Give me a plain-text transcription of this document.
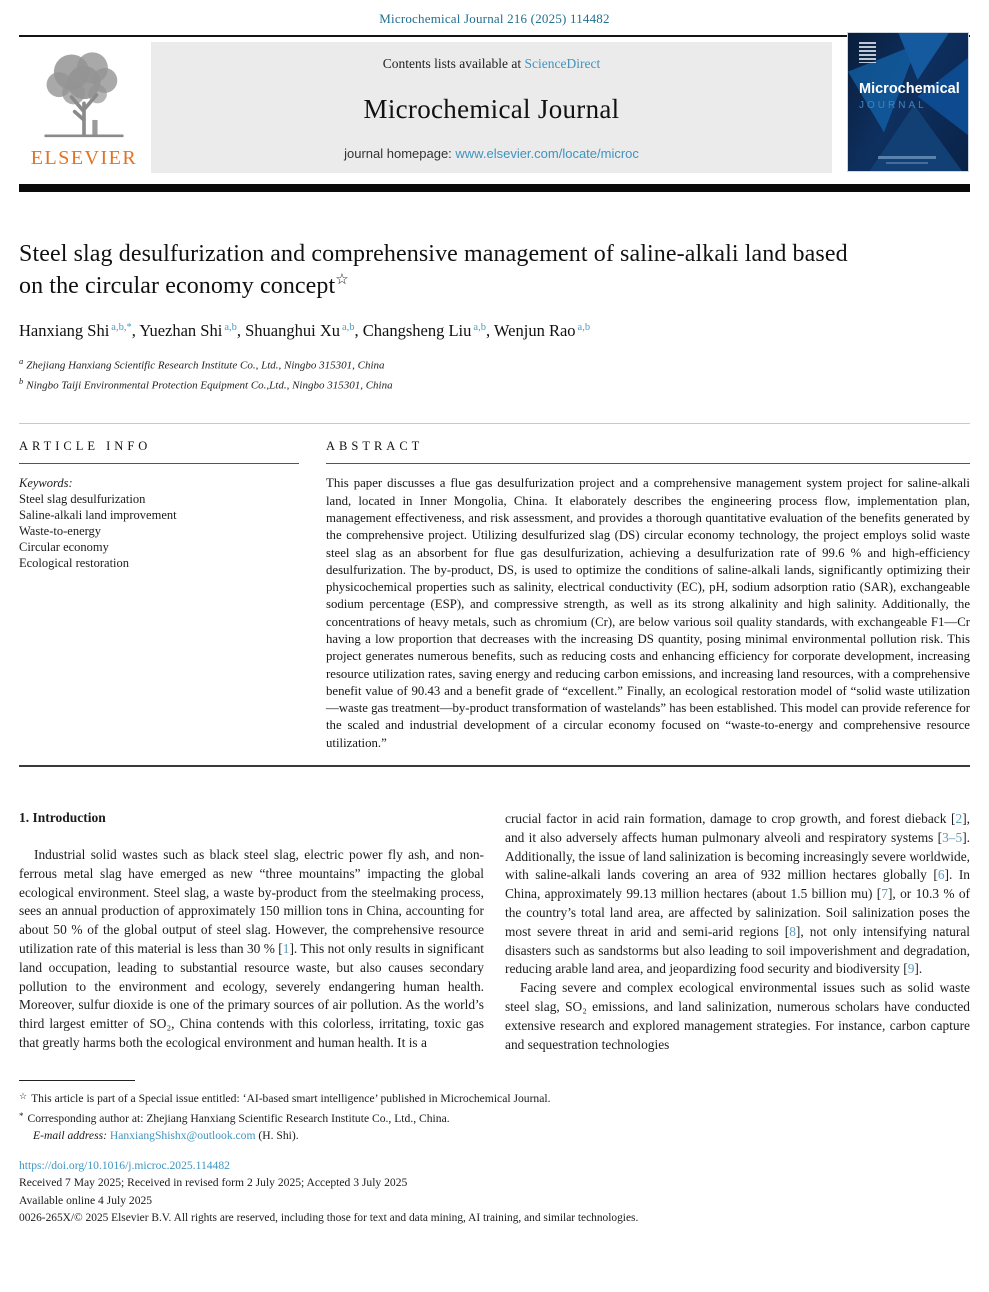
Microchemical Journal 216 (2025) 114482
ELSEVIER
Contents lists available at ScienceDirect
Microchemical Journal
journal homepage: www.elsevier.com/locate/microc
Microchemical
JOURNAL
Steel slag desulfurization and comprehensive management of saline-alkali land based on the circular economy concept☆
Hanxiang Shi $^{a,b,*}$, Yuezhan Shi $^{a,b}$, Shuanghui Xu $^{a,b}$, Changsheng Liu $^{a,b}$, Wenjun Rao $^{a,b}$
$^a$ Zhejiang Hanxiang Scientific Research Institute Co., Ltd., Ningbo 315301, China
$^b$ Ningbo Taiji Environmental Protection Equipment Co.,Ltd., Ningbo 315301, China
ARTICLE INFO
Keywords:
Steel slag desulfurization
Saline-alkali land improvement
Waste-to-energy
Circular economy
Ecological restoration
ABSTRACT
This paper discusses a flue gas desulfurization project and a comprehensive management system project for saline-alkali land, located in Inner Mongolia, China. It elaborately describes the engineering process flow, implementation plan, management effectiveness, and risk assessment, and provides a thorough quantitative evaluation of the benefits generated by the comprehensive project. Utilizing desulfurized slag (DS) circular economy technology, the project employs solid waste steel slag as an absorbent for flue gas desulfurization, achieving a desulfurization rate of 99.6 % and high-efficiency desulfurization. The by-product, DS, is used to optimize the conditions of saline-alkali lands, significantly optimizing their physicochemical properties such as salinity, electrical conductivity (EC), pH, sodium adsorption ratio (SAR), exchangeable sodium percentage (ESP), and compressive strength, as well as its strong alkalinity and high salinity. Additionally, the concentrations of heavy metals, such as chromium (Cr), are below various soil quality standards, with exchangeable F1—Cr having a low proportion that decreases with the increasing DS quantity, posing minimal environmental pollution risk. This project generates numerous benefits, such as reducing costs and enhancing efficiency for corporate development, increasing resource utilization rates, saving energy and reducing carbon emissions, and increasing land resources, with a comprehensive benefit value of 90.43 and a benefit grade of “excellent.” Finally, an ecological restoration model of “solid waste utilization—waste gas treatment—by-product transformation of wastelands” has been established. This model can provide reference for the scaled and industrial development of a circular economy focused on “waste-to-energy and comprehensive resource utilization.”
1. Introduction

Industrial solid wastes such as black steel slag, electric power fly ash, and non-ferrous metal slag have emerged as new “three mountains” impacting the global ecological environment. Steel slag, a waste by-product from the steelmaking process, sees an annual production of approximately 150 million tons in China, accounting for about 50 % of the global output of steel slag. However, the comprehensive resource utilization rate of this material is less than 30 % [1]. This not only results in significant land occupation, leading to substantial resource waste, but also causes secondary pollution to the environment and ecology, severely endangering human health. Moreover, sulfur dioxide is one of the primary sources of air pollution. As the world’s third largest emitter of SO₂, China contends with this colorless, irritating, toxic gas that greatly harms both the ecological environment and human health. It is a

crucial factor in acid rain formation, damage to crop growth, and forest dieback [2], and it also adversely affects human pulmonary alveoli and respiratory systems [3–5]. Additionally, the issue of land salinization is becoming increasingly severe worldwide, with saline-alkali lands covering an area of 932 million hectares globally [6]. In China, approximately 99.13 million hectares (about 1.5 billion mu) [7], or 10.3 % of the country’s total land area, are affected by salinization. Soil salinization poses the most severe threat in arid and semi-arid regions [8], not only intensifying natural disasters such as sandstorms but also leading to soil impoverishment and degradation, reducing arable land area, and jeopardizing food security and biodiversity [9].

Facing severe and complex ecological environmental issues such as solid waste steel slag, SO₂ emissions, and land salinization, numerous scholars have conducted extensive research and explored management strategies. For instance, carbon capture and sequestration technologies

☆ This article is part of a Special issue entitled: ‘AI-based smart intelligence’ published in Microchemical Journal.
* Corresponding author at: Zhejiang Hanxiang Scientific Research Institute Co., Ltd., China.
E-mail address: HanxiangShishx@outlook.com (H. Shi).
https://doi.org/10.1016/j.microc.2025.114482
Received 7 May 2025; Received in revised form 2 July 2025; Accepted 3 July 2025
Available online 4 July 2025
0026-265X/© 2025 Elsevier B.V. All rights are reserved, including those for text and data mining, AI training, and similar technologies.
